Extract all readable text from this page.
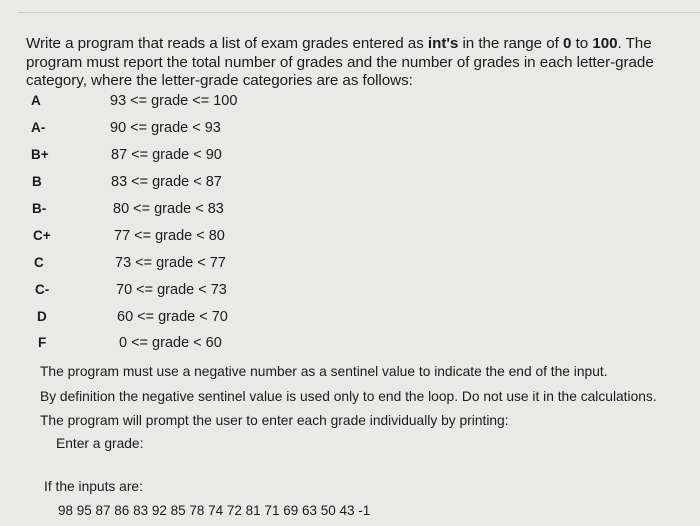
Write a program that reads a list of exam grades entered as int's in the range of 0 to 100. The program must report the total number of grades and the number of grades in each letter-grade category, where the letter-grade categories are as follows:
A	93 <= grade <= 100
A-	90 <= grade < 93
B+	87 <= grade < 90
B	83 <= grade < 87
B-	80 <= grade < 83
C+	77 <= grade < 80
C	73 <= grade < 77
C-	70 <= grade < 73
D	60 <= grade < 70
F	0 <= grade < 60
The program must use a negative number as a sentinel value to indicate the end of the input.
By definition the negative sentinel value is used only to end the loop. Do not use it in the calculations.
The program will prompt the user to enter each grade individually by printing:
Enter a grade:
If the inputs are:
98 95 87 86 83 92 85 78 74 72 81 71 69 63 50 43 -1
